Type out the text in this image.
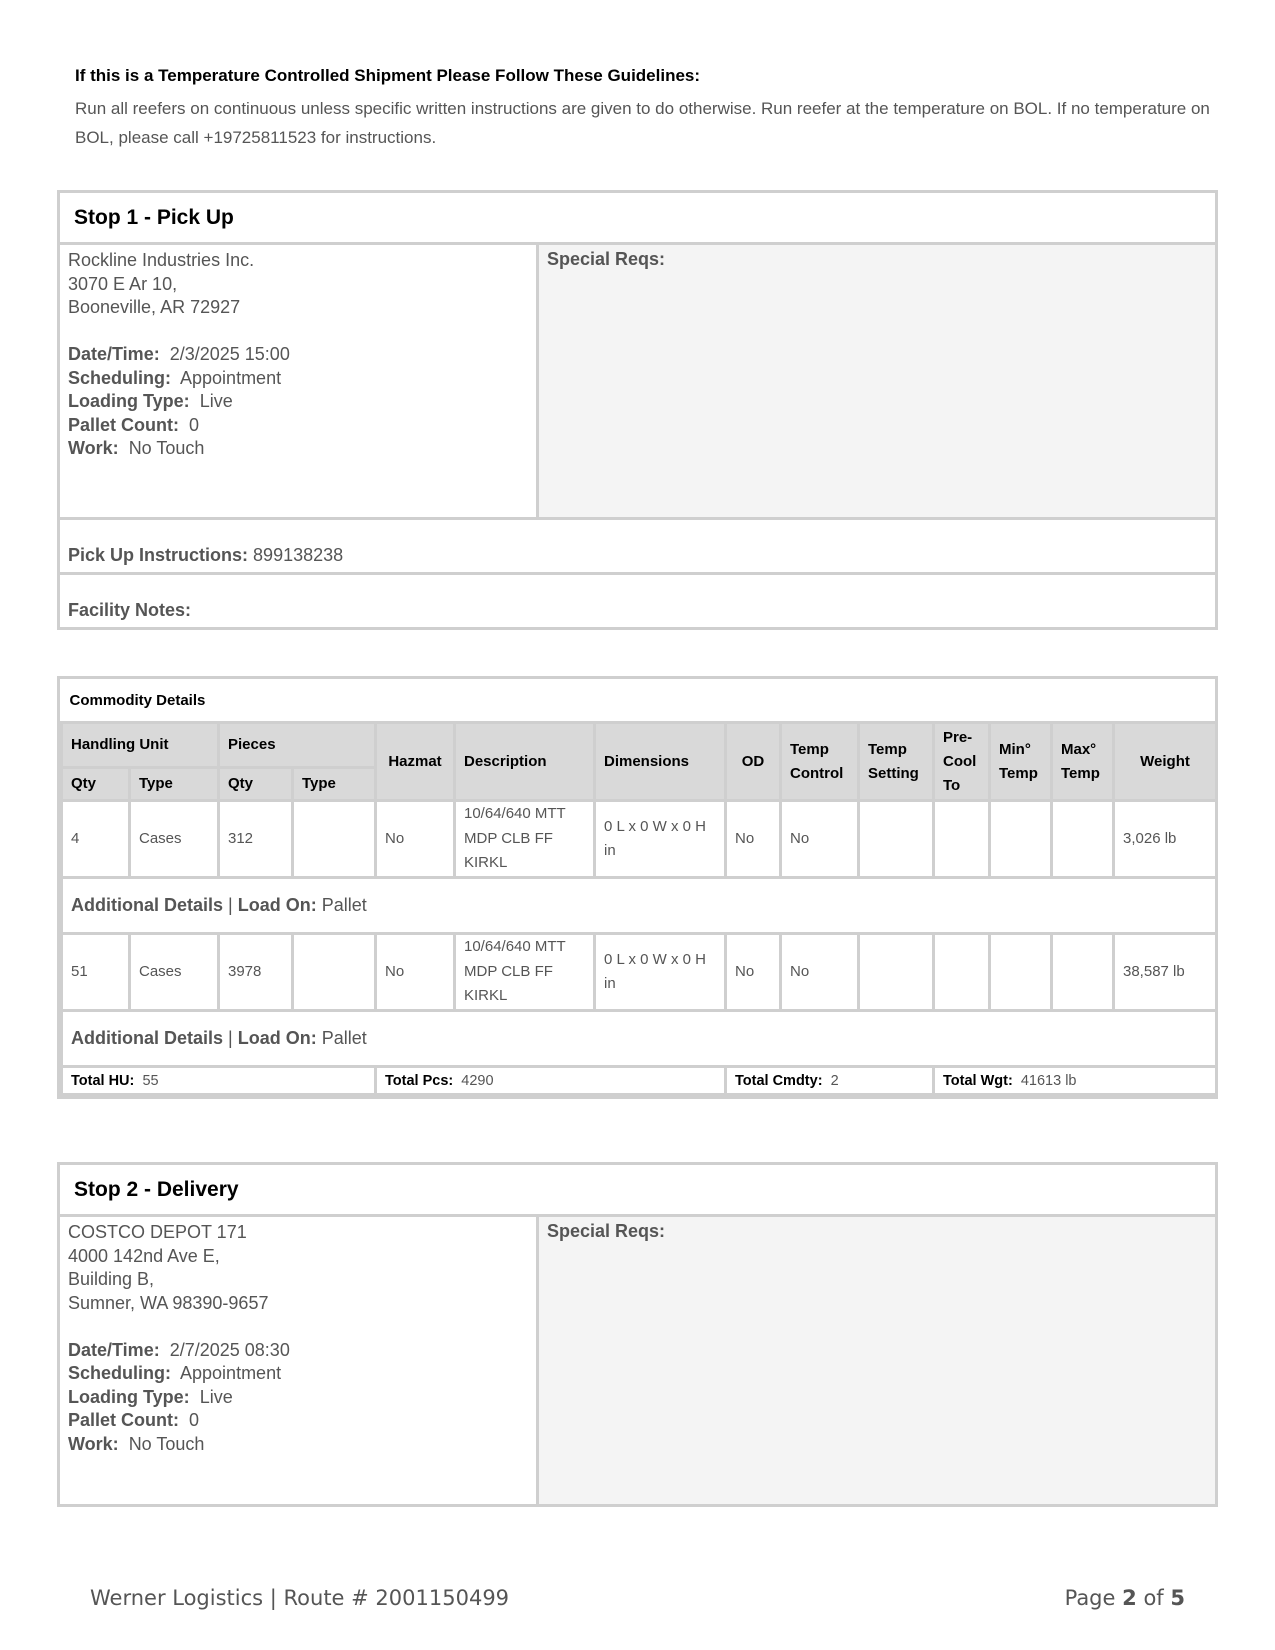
If this is a Temperature Controlled Shipment Please Follow These Guidelines:

Run all reefers on continuous unless specific written instructions are given to do otherwise. Run reefer at the temperature on BOL. If no temperature on BOL, please call +19725811523 for instructions.

Stop 1 - Pick Up
Rockline Industries Inc.
3070 E Ar 10,
Booneville, AR 72927
Date/Time: 2/3/2025 15:00
Scheduling: Appointment
Loading Type: Live
Pallet Count: 0
Work: No Touch
Special Reqs:
Pick Up Instructions:
899138238
Facility Notes:
Commodity Details													
Handling Unit		Pieces		Hazmat	Description	Dimensions	OD	Temp Control	Temp Setting	Pre-Cool To	Min° Temp	Max° Temp	Weight
Qty	Type	Qty	Type										
4	Cases	312		No	10/64/640 MTT MDP CLB FF KIRKL	0 L x 0 W x 0 H in	No	No					3,026 lb
Additional Details | Load On: Pallet													
51	Cases	3978		No	10/64/640 MTT MDP CLB FF KIRKL	0 L x 0 W x 0 H in	No	No					38,587 lb
Additional Details | Load On: Pallet													
Total HU: 55				Total Pcs: 4290			Total Cmdty: 2			Total Wgt: 41613 lb			
Stop 2 - Delivery
COSTCO DEPOT 171
4000 142nd Ave E,
Building B,
Sumner, WA 98390-9657
Date/Time: 2/7/2025 08:30
Scheduling: Appointment
Loading Type: Live
Pallet Count: 0
Work: No Touch
Special Reqs:
Werner Logistics | Route # 2001150499	Page 2 of 5
